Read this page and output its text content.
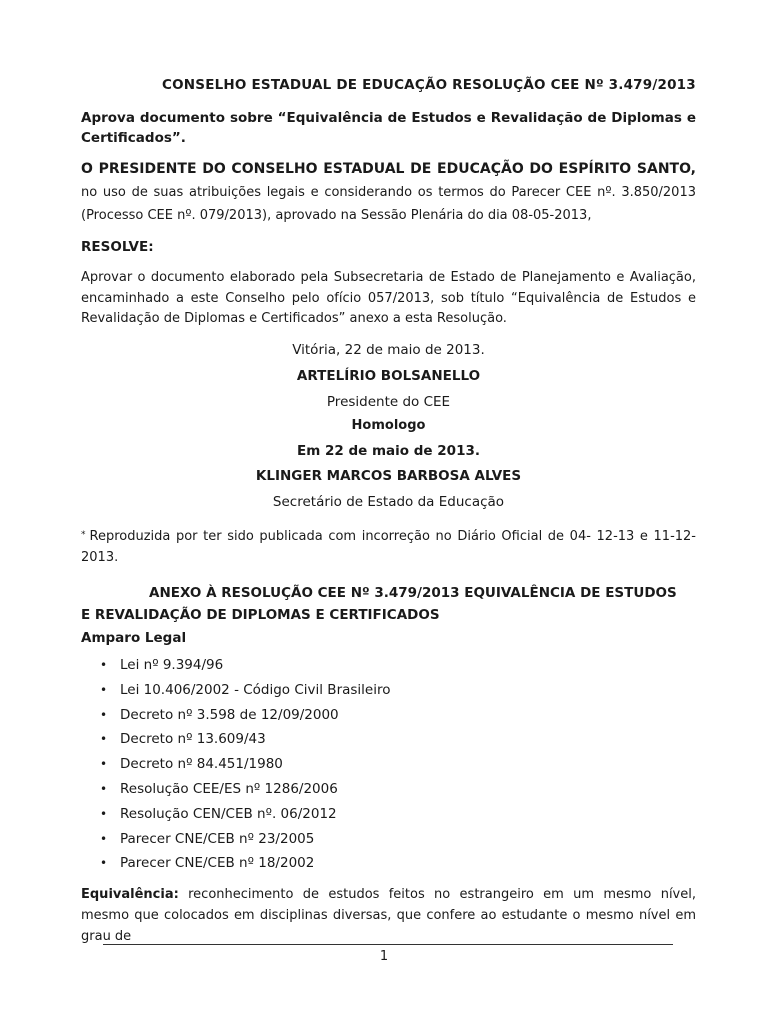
CONSELHO ESTADUAL DE EDUCAÇÃO RESOLUÇÃO CEE Nº 3.479/2013

Aprova documento sobre “Equivalência de Estudos e Revalidação de Diplomas e Certificados”.

O PRESIDENTE DO CONSELHO ESTADUAL DE EDUCAÇÃO DO ESPÍRITO SANTO, no uso de suas atribuições legais e considerando os termos do Parecer CEE nº. 3.850/2013 (Processo CEE nº. 079/2013), aprovado na Sessão Plenária do dia 08-05-2013,

RESOLVE:

Aprovar o documento elaborado pela Subsecretaria de Estado de Planejamento e Avaliação, encaminhado a este Conselho pelo ofício 057/2013, sob título “Equivalência de Estudos e Revalidação de Diplomas e Certificados” anexo a esta Resolução.

Vitória, 22 de maio de 2013.
ARTELÍRIO BOLSANELLO
Presidente do CEE
Homologo
Em 22 de maio de 2013.
KLINGER MARCOS BARBOSA ALVES
Secretário de Estado da Educação

* Reproduzida por ter sido publicada com incorreção no Diário Oficial de 04- 12-13 e 11-12-2013.

ANEXO À RESOLUÇÃO CEE Nº 3.479/2013 EQUIVALÊNCIA DE ESTUDOS
E REVALIDAÇÃO DE DIPLOMAS E CERTIFICADOS
Amparo Legal
• Lei nº 9.394/96
• Lei 10.406/2002 - Código Civil Brasileiro
• Decreto nº 3.598 de 12/09/2000
• Decreto nº 13.609/43
• Decreto nº 84.451/1980
• Resolução CEE/ES nº 1286/2006
• Resolução CEN/CEB nº. 06/2012
• Parecer CNE/CEB nº 23/2005
• Parecer CNE/CEB nº 18/2002

Equivalência: reconhecimento de estudos feitos no estrangeiro em um mesmo nível, mesmo que colocados em disciplinas diversas, que confere ao estudante o mesmo nível em grau de

1
